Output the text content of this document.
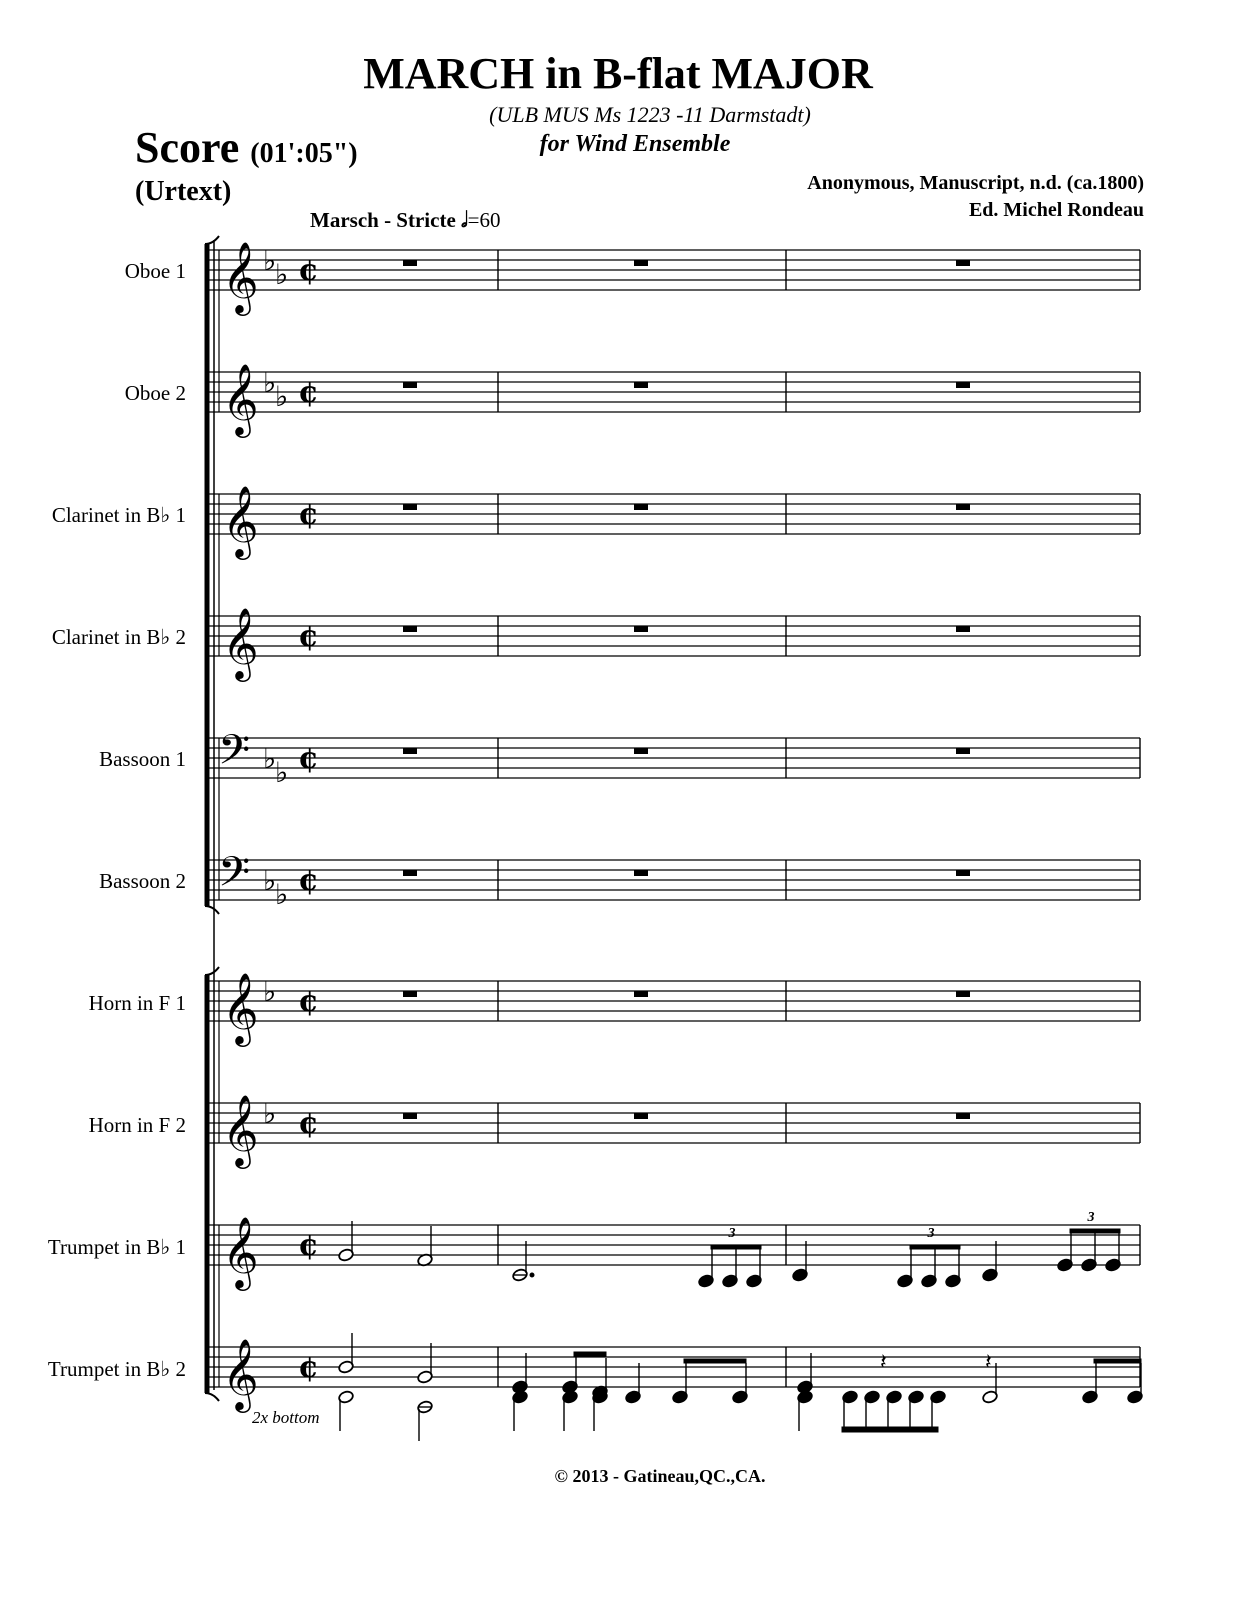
MARCH in B-flat MAJOR
(ULB MUS Ms 1223 -11 Darmstadt)
for Wind Ensemble
Score (01':05")
(Urtext)	Anonymous, Manuscript, n.d. (ca.1800)
Ed. Michel Rondeau
Marsch - Stricte 𝅗𝅥=60
Oboe 1
Oboe 2
Clarinet in B♭ 1
Clarinet in B♭ 2
Bassoon 1
Bassoon 2
Horn in F 1
Horn in F 2
Trumpet in B♭ 1
Trumpet in B♭ 2
𝄞 ♭
♭ ¢
𝄞 ♭
♭ ¢
𝄞 ¢
𝄞 ¢
𝄢 ♭
♭ ¢
𝄢 ♭
♭ ¢
𝄞 ♭ ¢
𝄞 ♭ ¢
𝄞 ¢
𝄞 ¢
3	3
3
𝄽	𝄽
2x bottom
© 2013 - Gatineau,QC.,CA.
